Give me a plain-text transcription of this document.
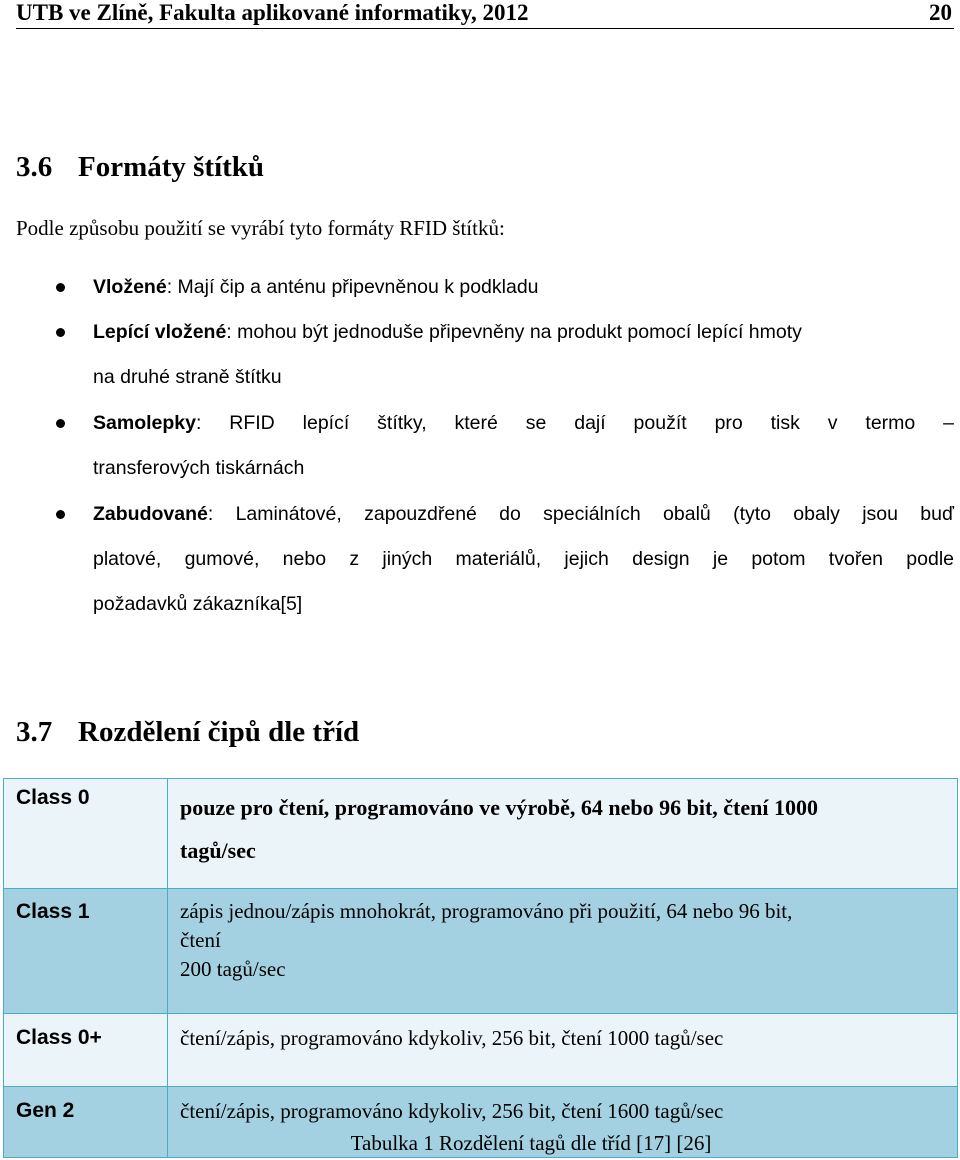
UTB ve Zlíně, Fakulta aplikované informatiky, 2012	20
3.6 Formáty štítků
Podle způsobu použití se vyrábí tyto formáty RFID štítků:
Vložené: Mají čip a anténu připevněnou k podkladu
Lepící vložené: mohou být jednoduše připevněny na produkt pomocí lepící hmoty
na druhé straně štítku
Samolepky: RFID lepící štítky, které se dají použít pro tisk v termo –
transferových tiskárnách
Zabudované: Laminátové, zapouzdřené do speciálních obalů (tyto obaly jsou buď
platové, gumové, nebo z jiných materiálů, jejich design je potom tvořen podle
požadavků zákazníka[5]
3.7 Rozdělení čipů dle tříd
Class 0	pouze pro čtení, programováno ve výrobě, 64 nebo 96 bit, čtení 1000
tagů/sec

Class 1	zápis jednou/zápis mnohokrát, programováno při použití, 64 nebo 96 bit,
čtení
200 tagů/sec

Class 0+	čtení/zápis, programováno kdykoliv, 256 bit, čtení 1000 tagů/sec

Gen 2	čtení/zápis, programováno kdykoliv, 256 bit, čtení 1600 tagů/sec
Tabulka 1 Rozdělení tagů dle tříd [17] [26]
